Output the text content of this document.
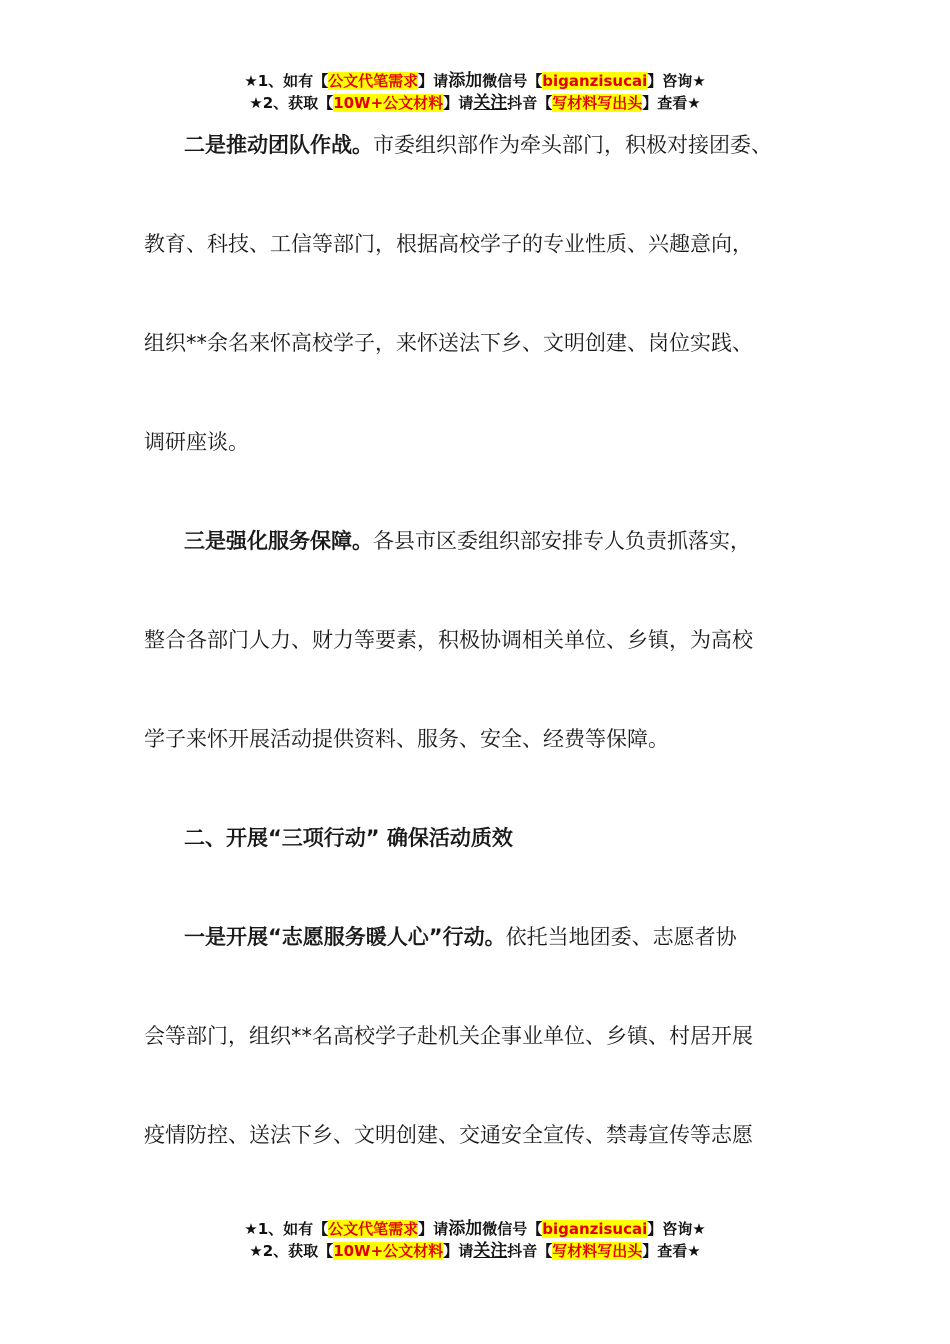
★1、如有【公文代笔需求】请添加微信号【biganzisucai】咨询★
★2、获取【10W+公文材料】请关注抖音【写材料写出头】查看★
二是推动团队作战。市委组织部作为牵头部门，积极对接团委、
教育、科技、工信等部门，根据高校学子的专业性质、兴趣意向，
组织**余名来怀高校学子，来怀送法下乡、文明创建、岗位实践、
调研座谈。
三是强化服务保障。各县市区委组织部安排专人负责抓落实，
整合各部门人力、财力等要素，积极协调相关单位、乡镇，为高校
学子来怀开展活动提供资料、服务、安全、经费等保障。
二、开展“三项行动” 确保活动质效
一是开展“志愿服务暖人心”行动。依托当地团委、志愿者协
会等部门，组织**名高校学子赴机关企事业单位、乡镇、村居开展
疫情防控、送法下乡、文明创建、交通安全宣传、禁毒宣传等志愿
★1、如有【公文代笔需求】请添加微信号【biganzisucai】咨询★
★2、获取【10W+公文材料】请关注抖音【写材料写出头】查看★
